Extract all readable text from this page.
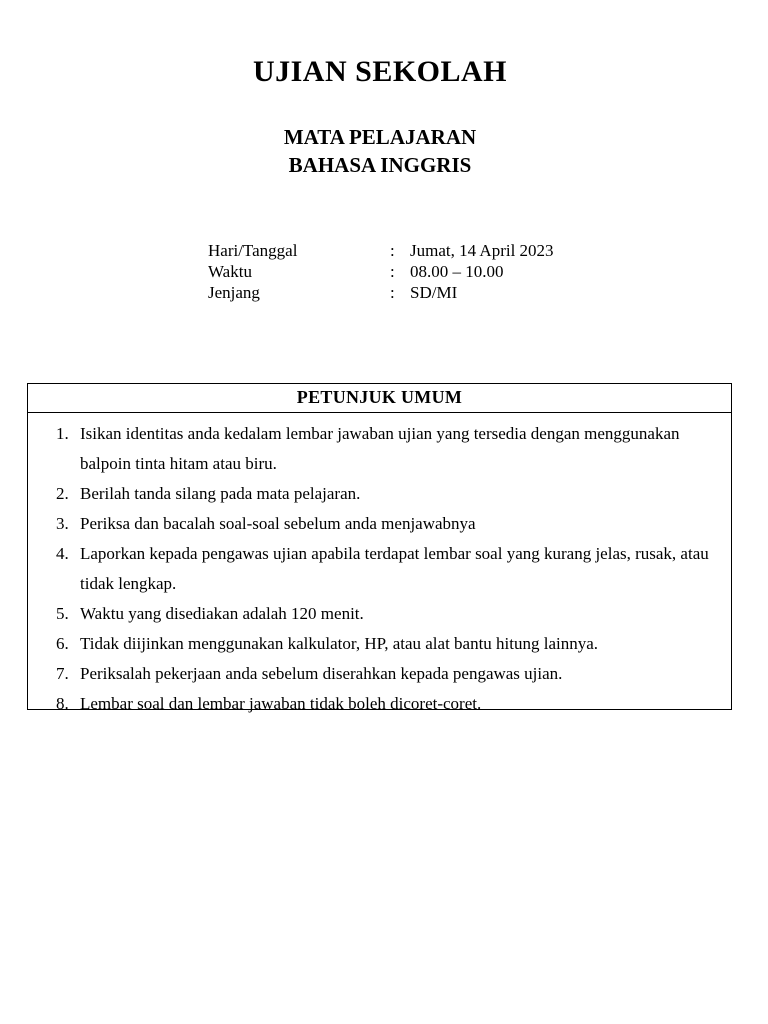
UJIAN SEKOLAH
MATA PELAJARAN
BAHASA INGGRIS
Hari/Tanggal	: Jumat, 14 April 2023
Waktu	: 08.00 – 10.00
Jenjang	: SD/MI
PETUNJUK UMUM
1. Isikan identitas anda kedalam lembar jawaban ujian yang tersedia dengan menggunakan balpoin tinta hitam atau biru.
2. Berilah tanda silang pada mata pelajaran.
3. Periksa dan bacalah soal-soal sebelum anda menjawabnya
4. Laporkan kepada pengawas ujian apabila terdapat lembar soal yang kurang jelas, rusak, atau tidak lengkap.
5. Waktu yang disediakan adalah 120 menit.
6. Tidak diijinkan menggunakan kalkulator, HP, atau alat bantu hitung lainnya.
7. Periksalah pekerjaan anda sebelum diserahkan kepada pengawas ujian.
8. Lembar soal dan lembar jawaban tidak boleh dicoret-coret.
